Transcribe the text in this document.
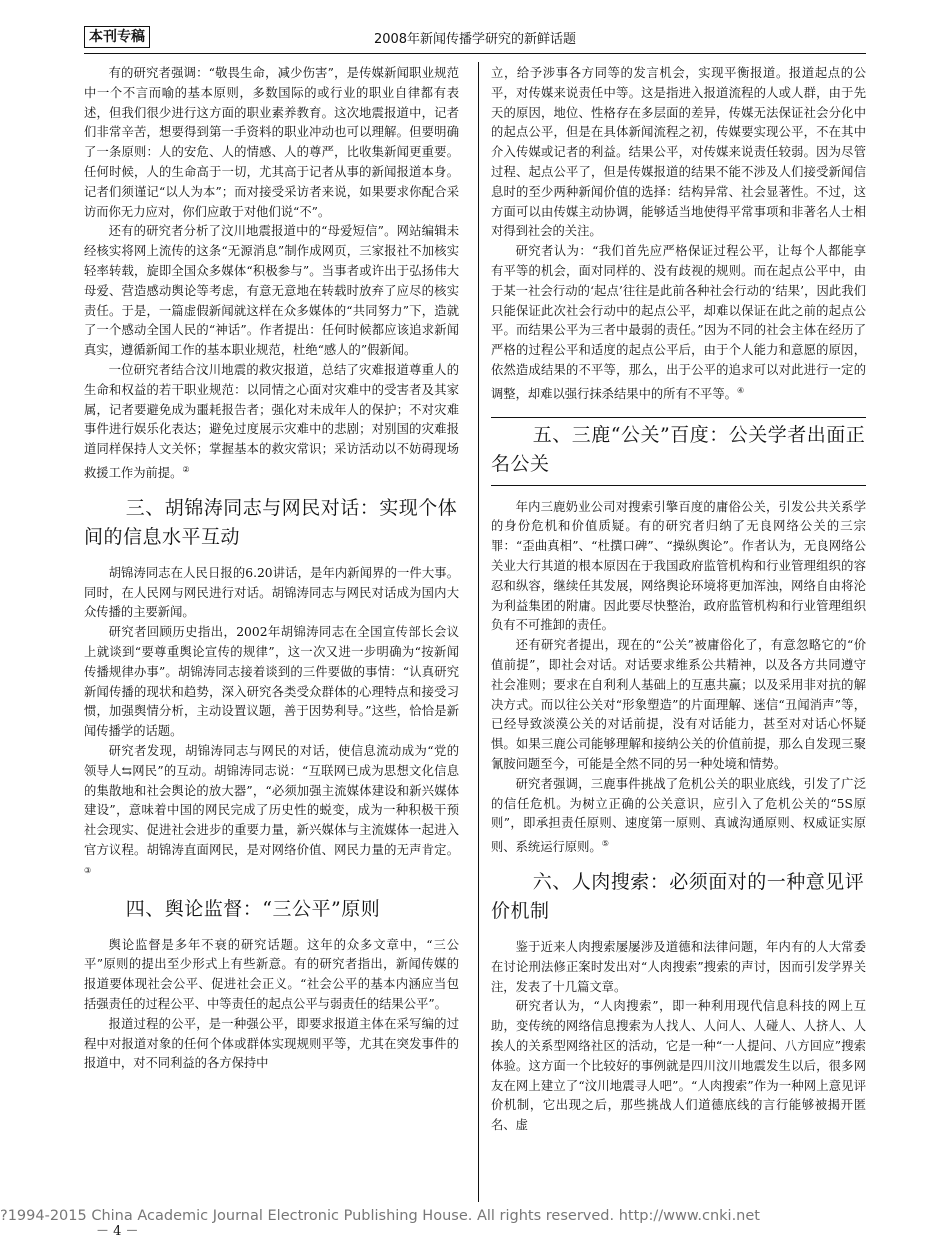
本刊专稿	2008年新闻传播学研究的新鲜话题

有的研究者强调：“敬畏生命，减少伤害”，是传媒新闻职业规范中一个不言而喻的基本原则，多数国际的或行业的职业自律都有表述，但我们很少进行这方面的职业素养教育。这次地震报道中，记者们非常辛苦，想要得到第一手资料的职业冲动也可以理解。但要明确了一条原则：人的安危、人的情感、人的尊严，比收集新闻更重要。任何时候，人的生命高于一切，尤其高于记者从事的新闻报道本身。记者们须谨记“以人为本”；而对接受采访者来说，如果要求你配合采访而你无力应对，你们应敢于对他们说“不”。

还有的研究者分析了汶川地震报道中的“母爱短信”。网站编辑未经核实将网上流传的这条“无源消息”制作成网页，三家报社不加核实轻率转载，旋即全国众多媒体“积极参与”。当事者或许出于弘扬伟大母爱、营造感动舆论等考虑，有意无意地在转载时放弃了应尽的核实责任。于是，一篇虚假新闻就这样在众多媒体的“共同努力”下，造就了一个感动全国人民的“神话”。作者提出：任何时候都应该追求新闻真实，遵循新闻工作的基本职业规范，杜绝“感人的”假新闻。

一位研究者结合汶川地震的救灾报道，总结了灾难报道尊重人的生命和权益的若干职业规范：以同情之心面对灾难中的受害者及其家属，记者要避免成为噩耗报告者；强化对未成年人的保护；不对灾难事件进行娱乐化表达；避免过度展示灾难中的悲剧；对别国的灾难报道同样保持人文关怀；掌握基本的救灾常识；采访活动以不妨碍现场救援工作为前提。②

三、胡锦涛同志与网民对话：实现个体间的信息水平互动

胡锦涛同志在人民日报的6.20讲话，是年内新闻界的一件大事。同时，在人民网与网民进行对话。胡锦涛同志与网民对话成为国内大众传播的主要新闻。

研究者回顾历史指出，2002年胡锦涛同志在全国宣传部长会议上就谈到“要尊重舆论宣传的规律”，这一次又进一步明确为“按新闻传播规律办事”。胡锦涛同志接着谈到的三件要做的事情：“认真研究新闻传播的现状和趋势，深入研究各类受众群体的心理特点和接受习惯，加强舆情分析，主动设置议题，善于因势利导。”这些，恰恰是新闻传播学的话题。

研究者发现，胡锦涛同志与网民的对话，使信息流动成为“党的领导人⇆网民”的互动。胡锦涛同志说：“互联网已成为思想文化信息的集散地和社会舆论的放大器”，“必须加强主流媒体建设和新兴媒体建设”，意味着中国的网民完成了历史性的蜕变，成为一种积极干预社会现实、促进社会进步的重要力量，新兴媒体与主流媒体一起进入官方议程。胡锦涛直面网民，是对网络价值、网民力量的无声肯定。③

四、舆论监督：“三公平”原则

舆论监督是多年不衰的研究话题。这年的众多文章中，“三公平”原则的提出至少形式上有些新意。有的研究者指出，新闻传媒的报道要体现社会公平、促进社会正义。“社会公平的基本内涵应当包括强责任的过程公平、中等责任的起点公平与弱责任的结果公平”。

报道过程的公平，是一种强公平，即要求报道主体在采写编的过程中对报道对象的任何个体或群体实现规则平等，尤其在突发事件的报道中，对不同利益的各方保持中

立，给予涉事各方同等的发言机会，实现平衡报道。报道起点的公平，对传媒来说责任中等。这是指进入报道流程的人或人群，由于先天的原因，地位、性格存在多层面的差异，传媒无法保证社会分化中的起点公平，但是在具体新闻流程之初，传媒要实现公平，不在其中介入传媒或记者的利益。结果公平，对传媒来说责任较弱。因为尽管过程、起点公平了，但是传媒报道的结果不能不涉及人们接受新闻信息时的至少两种新闻价值的选择：结构异常、社会显著性。不过，这方面可以由传媒主动协调，能够适当地使得平常事项和非著名人士相对得到社会的关注。

研究者认为：“我们首先应严格保证过程公平，让每个人都能享有平等的机会，面对同样的、没有歧视的规则。而在起点公平中，由于某一社会行动的‘起点’往往是此前各种社会行动的‘结果’，因此我们只能保证此次社会行动中的起点公平，却难以保证在此之前的起点公平。而结果公平为三者中最弱的责任。”因为不同的社会主体在经历了严格的过程公平和适度的起点公平后，由于个人能力和意愿的原因，依然造成结果的不平等，那么，出于公平的追求可以对此进行一定的调整，却难以强行抹杀结果中的所有不平等。④

五、三鹿“公关”百度：公关学者出面正名公关

年内三鹿奶业公司对搜索引擎百度的庸俗公关，引发公共关系学的身份危机和价值质疑。有的研究者归纳了无良网络公关的三宗罪：“歪曲真相”、“杜撰口碑”、“操纵舆论”。作者认为，无良网络公关业大行其道的根本原因在于我国政府监管机构和行业管理组织的容忍和纵容，继续任其发展，网络舆论环境将更加浑浊，网络自由将沦为利益集团的附庸。因此要尽快整治，政府监管机构和行业管理组织负有不可推卸的责任。

还有研究者提出，现在的“公关”被庸俗化了，有意忽略它的“价值前提”，即社会对话。对话要求维系公共精神，以及各方共同遵守社会准则；要求在自利利人基础上的互惠共赢；以及采用非对抗的解决方式。而以往公关对“形象塑造”的片面理解、迷信“丑闻消声”等，已经导致淡漠公关的对话前提，没有对话能力，甚至对对话心怀疑惧。如果三鹿公司能够理解和接纳公关的价值前提，那么自发现三聚氰胺问题至今，可能是全然不同的另一种处境和情势。

研究者强调，三鹿事件挑战了危机公关的职业底线，引发了广泛的信任危机。为树立正确的公关意识，应引入了危机公关的“5S原则”，即承担责任原则、速度第一原则、真诚沟通原则、权威证实原则、系统运行原则。⑤

六、人肉搜索：必须面对的一种意见评价机制

鉴于近来人肉搜索屡屡涉及道德和法律问题，年内有的人大常委在讨论刑法修正案时发出对“人肉搜索”搜索的声讨，因而引发学界关注，发表了十几篇文章。

研究者认为，“人肉搜索”，即一种利用现代信息科技的网上互助，变传统的网络信息搜索为人找人、人问人、人碰人、人挤人、人挨人的关系型网络社区的活动，它是一种“一人提问、八方回应”搜索体验。这方面一个比较好的事例就是四川汶川地震发生以后，很多网友在网上建立了“汶川地震寻人吧”。“人肉搜索”作为一种网上意见评价机制，它出现之后，那些挑战人们道德底线的言行能够被揭开匿名、虚

?1994-2015 China Academic Journal Electronic Publishing House. All rights reserved. http://www.cnki.net
－ 4 －
